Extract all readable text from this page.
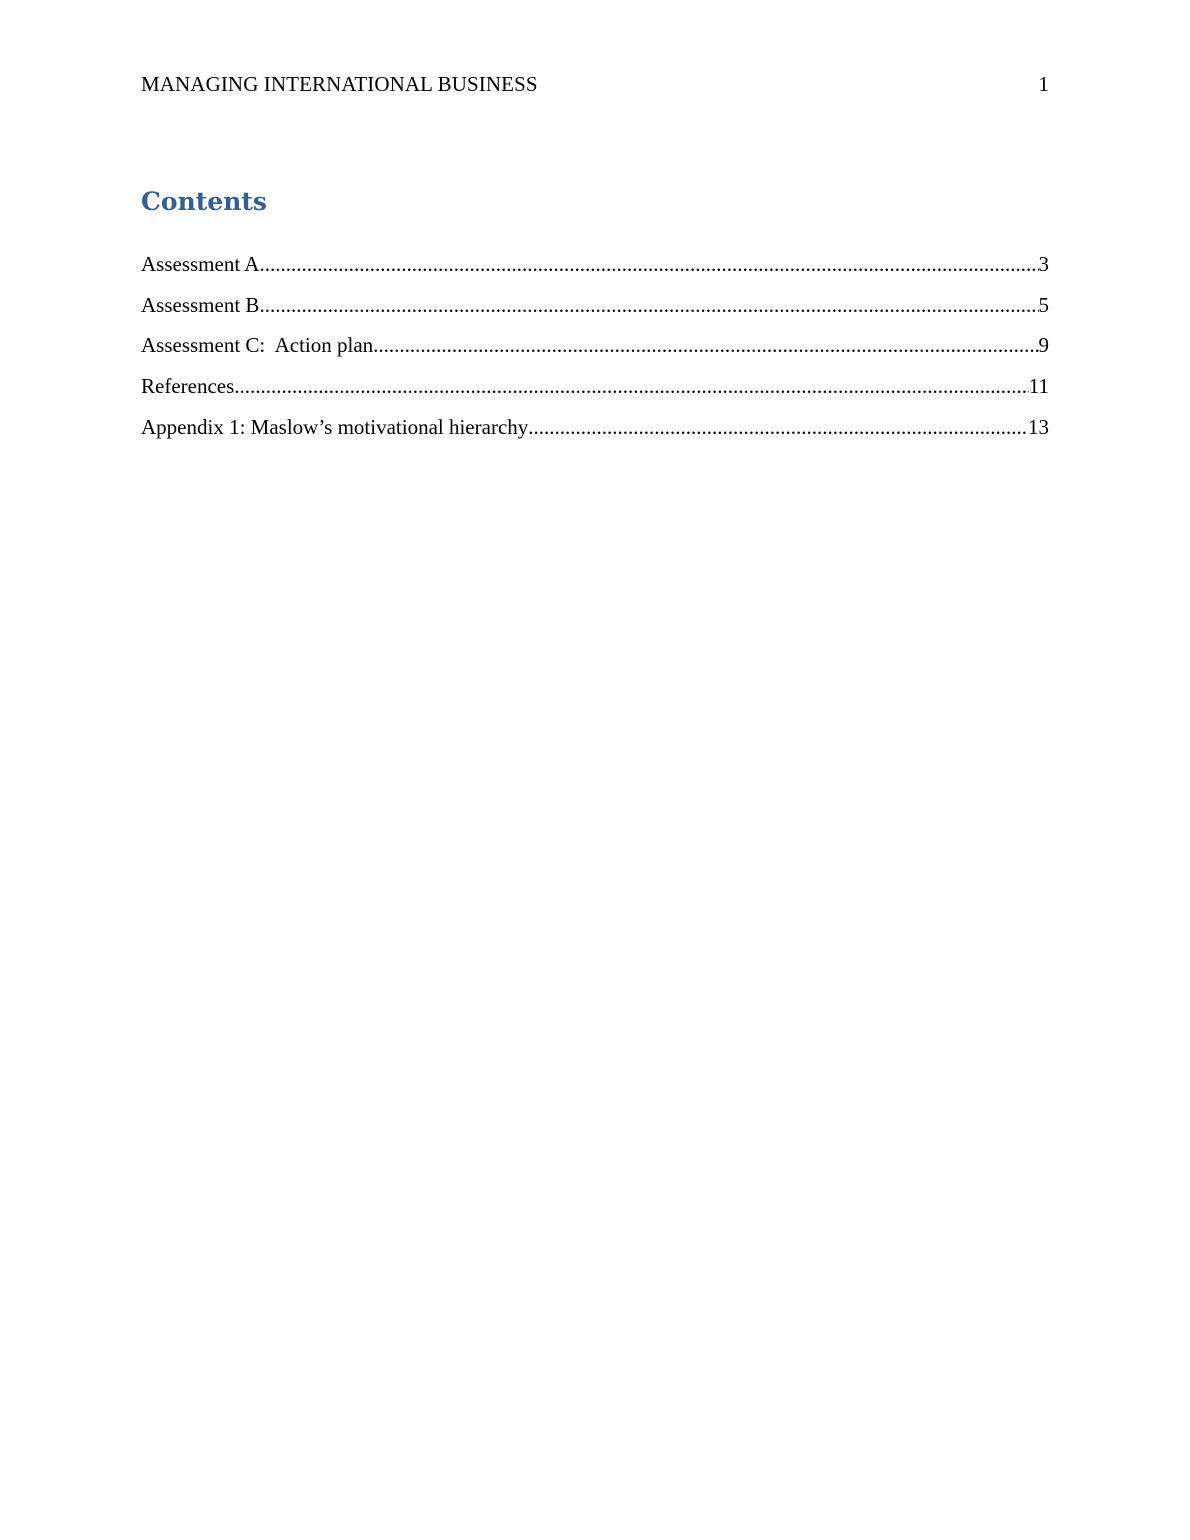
MANAGING INTERNATIONAL BUSINESS	1
Contents
Assessment A .....	3
Assessment B .....	5
Assessment C:  Action plan .....	9
References .....	11
Appendix 1: Maslow’s motivational hierarchy .....	13
